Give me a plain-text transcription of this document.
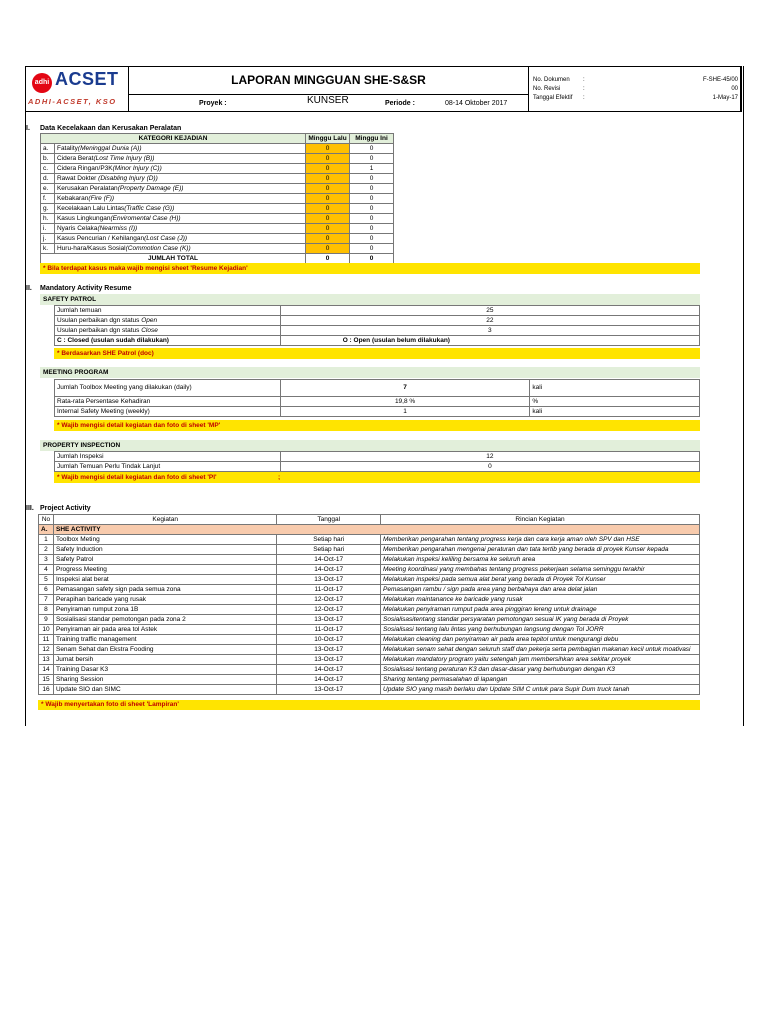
adhi ACSET
ADHI-ACSET, KSO
LAPORAN MINGGUAN SHE-S&SR
Proyek :	KUNSER	Periode :	08-14 Oktober 2017
No. Dokumen :	F-SHE-45/00
No. Revisi	:	00
Tanggal Efektif :	1-May-17
I. Data Kecelakaan dan Kerusakan Peralatan
KATEGORI KEJADIAN		Minggu Lalu	Minggu Ini
a.	Fatality(Meninggal Dunia (A))	0	0
b.	Cidera Berat(Lost Time Injury (B))	0	0
c.	Cidera Ringan/P3K(Minor Injury (C))	0	1
d.	Rawat Dokter (Disabling Injury (D))	0	0
e.	Kerusakan Peralatan(Property Damage (E))	0	0
f.	Kebakaran(Fire (F))	0	0
g.	Kecelakaan Lalu Lintas(Traffic Case (G))	0	0
h.	Kasus Lingkungan(Enviromental Case (H))	0	0
i.	Nyaris Celaka(Nearmiss (I))	0	0
j.	Kasus Pencurian / Kehilangan(Lost Case (J))	0	0
k.	Huru-hara/Kasus Sosial(Commotion Case (K))	0	0
JUMLAH TOTAL		0	0
* Bila terdapat kasus maka wajib mengisi sheet 'Resume Kejadian'
II. Mandatory Activity Resume
SAFETY PATROL
Jumlah temuan	25
Usulan perbaikan dgn status Open	22
Usulan perbaikan dgn status Close	3
C : Closed (usulan sudah dilakukan)	O : Open (usulan belum dilakukan)
* Berdasarkan SHE Patrol (doc)
MEETING PROGRAM
Jumlah Toolbox Meeting yang dilakukan (daily)	7	kali
Rata-rata Persentase Kehadiran	19,8 %	%
Internal Safety Meeting (weekly)	1	kali
* Wajib mengisi detail kegiatan dan foto di sheet 'MP'
PROPERTY INSPECTION
Jumlah Inspeksi	12
Jumlah Temuan Perlu Tindak Lanjut	0
* Wajib mengisi detail kegiatan dan foto di sheet 'PI'	;
III. Project Activity
No	Kegiatan	Tanggal	Rincian Kegiatan
A.	SHE ACTIVITY		
1	Toolbox Meting	Setiap hari	Memberikan pengarahan tentang progress kerja dan cara kerja aman oleh SPV dan HSE
2	Safety Induction	Setiap hari	Memberikan pengarahan mengenai peraturan dan tata tertib yang berada di proyek Kunser kepada
3	Safety Patrol	14-Oct-17	Melakukan inspeksi keliling bersama ke seluruh area
4	Progress Meeting	14-Oct-17	Meeting koordinasi yang membahas tentang progress pekerjaan selama seminggu terakhir
5	Inspeksi alat berat	13-Oct-17	Melakukan inspeksi pada semua alat berat yang berada di Proyek Tol Kunser
6	Pemasangan safety sign pada semua zona	11-Oct-17	Pemasangan rambu / sign pada area yang berbahaya dan area delat jalan
7	Perapihan baricade yang rusak	12-Oct-17	Melakukan maintanance ke baricade yang rusak
8	Penyiraman rumput zona 1B	12-Oct-17	Melakukan penyiraman rumput pada area pinggiran lereng untuk drainage
9	Sosialisasi standar pemotongan pada zona 2	13-Oct-17	Sosialisasitentang standar persyaratan pemotongan sesuai IK yang berada di Proyek
10	Penyiraman air pada area tol Astek	11-Oct-17	Sosialisasi tentang lalu lintas yang berhubungan langsung dengan Tol JORR
11	Training traffic management	10-Oct-17	Melakukan cleaning dan penyiraman air pada area tepitol untuk mengurangi debu
12	Senam Sehat dan Ekstra Fooding	13-Oct-17	Melakukan senam sehat dengan seluruh staff dan pekerja serta pembagian makanan kecil untuk moativasi
13	Jumat bersih	13-Oct-17	Melakukan mandatory program yaitu setengah jam membersihkan area sekitar proyek
14	Training Dasar K3	14-Oct-17	Sosialisasi tentang peraturan K3 dan dasar-dasar yang berhubungan dengan K3
15	Sharing Session	14-Oct-17	Sharing tentang permasalahan di lapangan
16	Update SIO dan SIMC	13-Oct-17	Update SIO yang masih berlaku dan Update SIM C untuk para Supir Dum truck tanah
* Wajib menyertakan foto di sheet 'Lampiran'
